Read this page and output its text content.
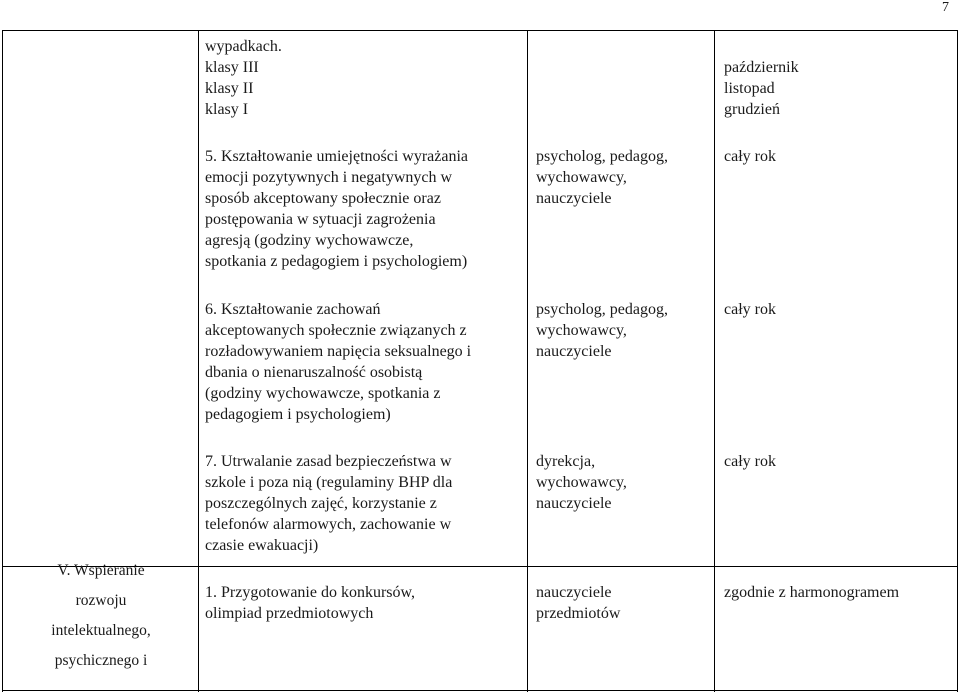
7
wypadkach.
klasy III
klasy II
klasy I

październik
listopad
grudzień
5. Kształtowanie umiejętności wyrażania
emocji pozytywnych i negatywnych w
sposób akceptowany społecznie oraz
postępowania w sytuacji zagrożenia
agresją (godziny wychowawcze,
spotkania z pedagogiem i psychologiem)
psycholog, pedagog,
wychowawcy,
nauczyciele
cały rok
6. Kształtowanie zachowań
akceptowanych społecznie związanych z
rozładowywaniem napięcia seksualnego i
dbania o nienaruszalność osobistą
(godziny wychowawcze, spotkania z
pedagogiem i psychologiem)
psycholog, pedagog,
wychowawcy,
nauczyciele
cały rok
7. Utrwalanie zasad bezpieczeństwa w
szkole i poza nią (regulaminy BHP dla
poszczególnych zajęć, korzystanie z
telefonów alarmowych, zachowanie w
czasie ewakuacji)
dyrekcja,
wychowawcy,
nauczyciele
cały rok
V. Wspieranie
rozwoju
intelektualnego,
psychicznego i
1. Przygotowanie do konkursów,
olimpiad przedmiotowych
nauczyciele
przedmiotów
zgodnie z harmonogramem
